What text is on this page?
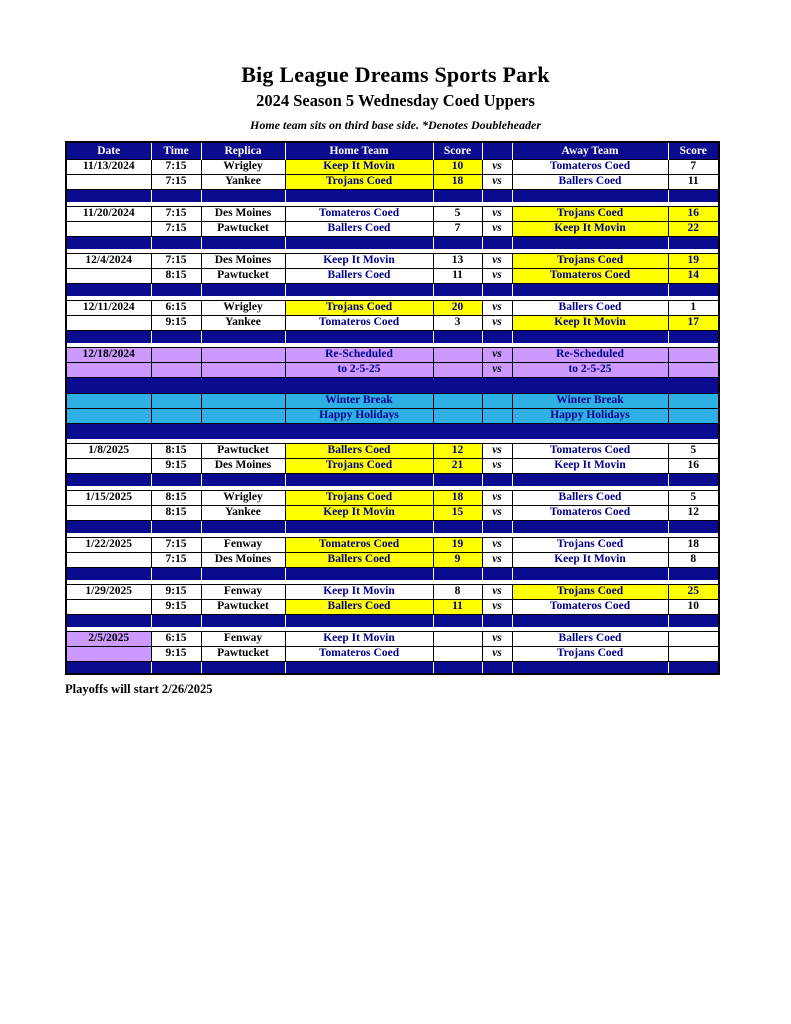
Big League Dreams Sports Park
2024 Season 5 Wednesday Coed Uppers
Home team sits on third base side. *Denotes Doubleheader
Date	Time	Replica	Home Team	Score		Away Team	Score
11/13/2024	7:15	Wrigley	Keep It Movin	10	vs	Tomateros Coed	7
	7:15	Yankee	Trojans Coed	18	vs	Ballers Coed	11

11/20/2024	7:15	Des Moines	Tomateros Coed	5	vs	Trojans Coed	16
	7:15	Pawtucket	Ballers Coed	7	vs	Keep It Movin	22

12/4/2024	7:15	Des Moines	Keep It Movin	13	vs	Trojans Coed	19
	8:15	Pawtucket	Ballers Coed	11	vs	Tomateros Coed	14

12/11/2024	6:15	Wrigley	Trojans Coed	20	vs	Ballers Coed	1
	9:15	Yankee	Tomateros Coed	3	vs	Keep It Movin	17

12/18/2024			Re-Scheduled		vs	Re-Scheduled	
			to 2-5-25		vs	to 2-5-25	

			Winter Break			Winter Break	
			Happy Holidays			Happy Holidays	

1/8/2025	8:15	Pawtucket	Ballers Coed	12	vs	Tomateros Coed	5
	9:15	Des Moines	Trojans Coed	21	vs	Keep It Movin	16

1/15/2025	8:15	Wrigley	Trojans Coed	18	vs	Ballers Coed	5
	8:15	Yankee	Keep It Movin	15	vs	Tomateros Coed	12

1/22/2025	7:15	Fenway	Tomateros Coed	19	vs	Trojans Coed	18
	7:15	Des Moines	Ballers Coed	9	vs	Keep It Movin	8

1/29/2025	9:15	Fenway	Keep It Movin	8	vs	Trojans Coed	25
	9:15	Pawtucket	Ballers Coed	11	vs	Tomateros Coed	10

2/5/2025	6:15	Fenway	Keep It Movin		vs	Ballers Coed	
	9:15	Pawtucket	Tomateros Coed		vs	Trojans Coed	

Playoffs will start 2/26/2025
